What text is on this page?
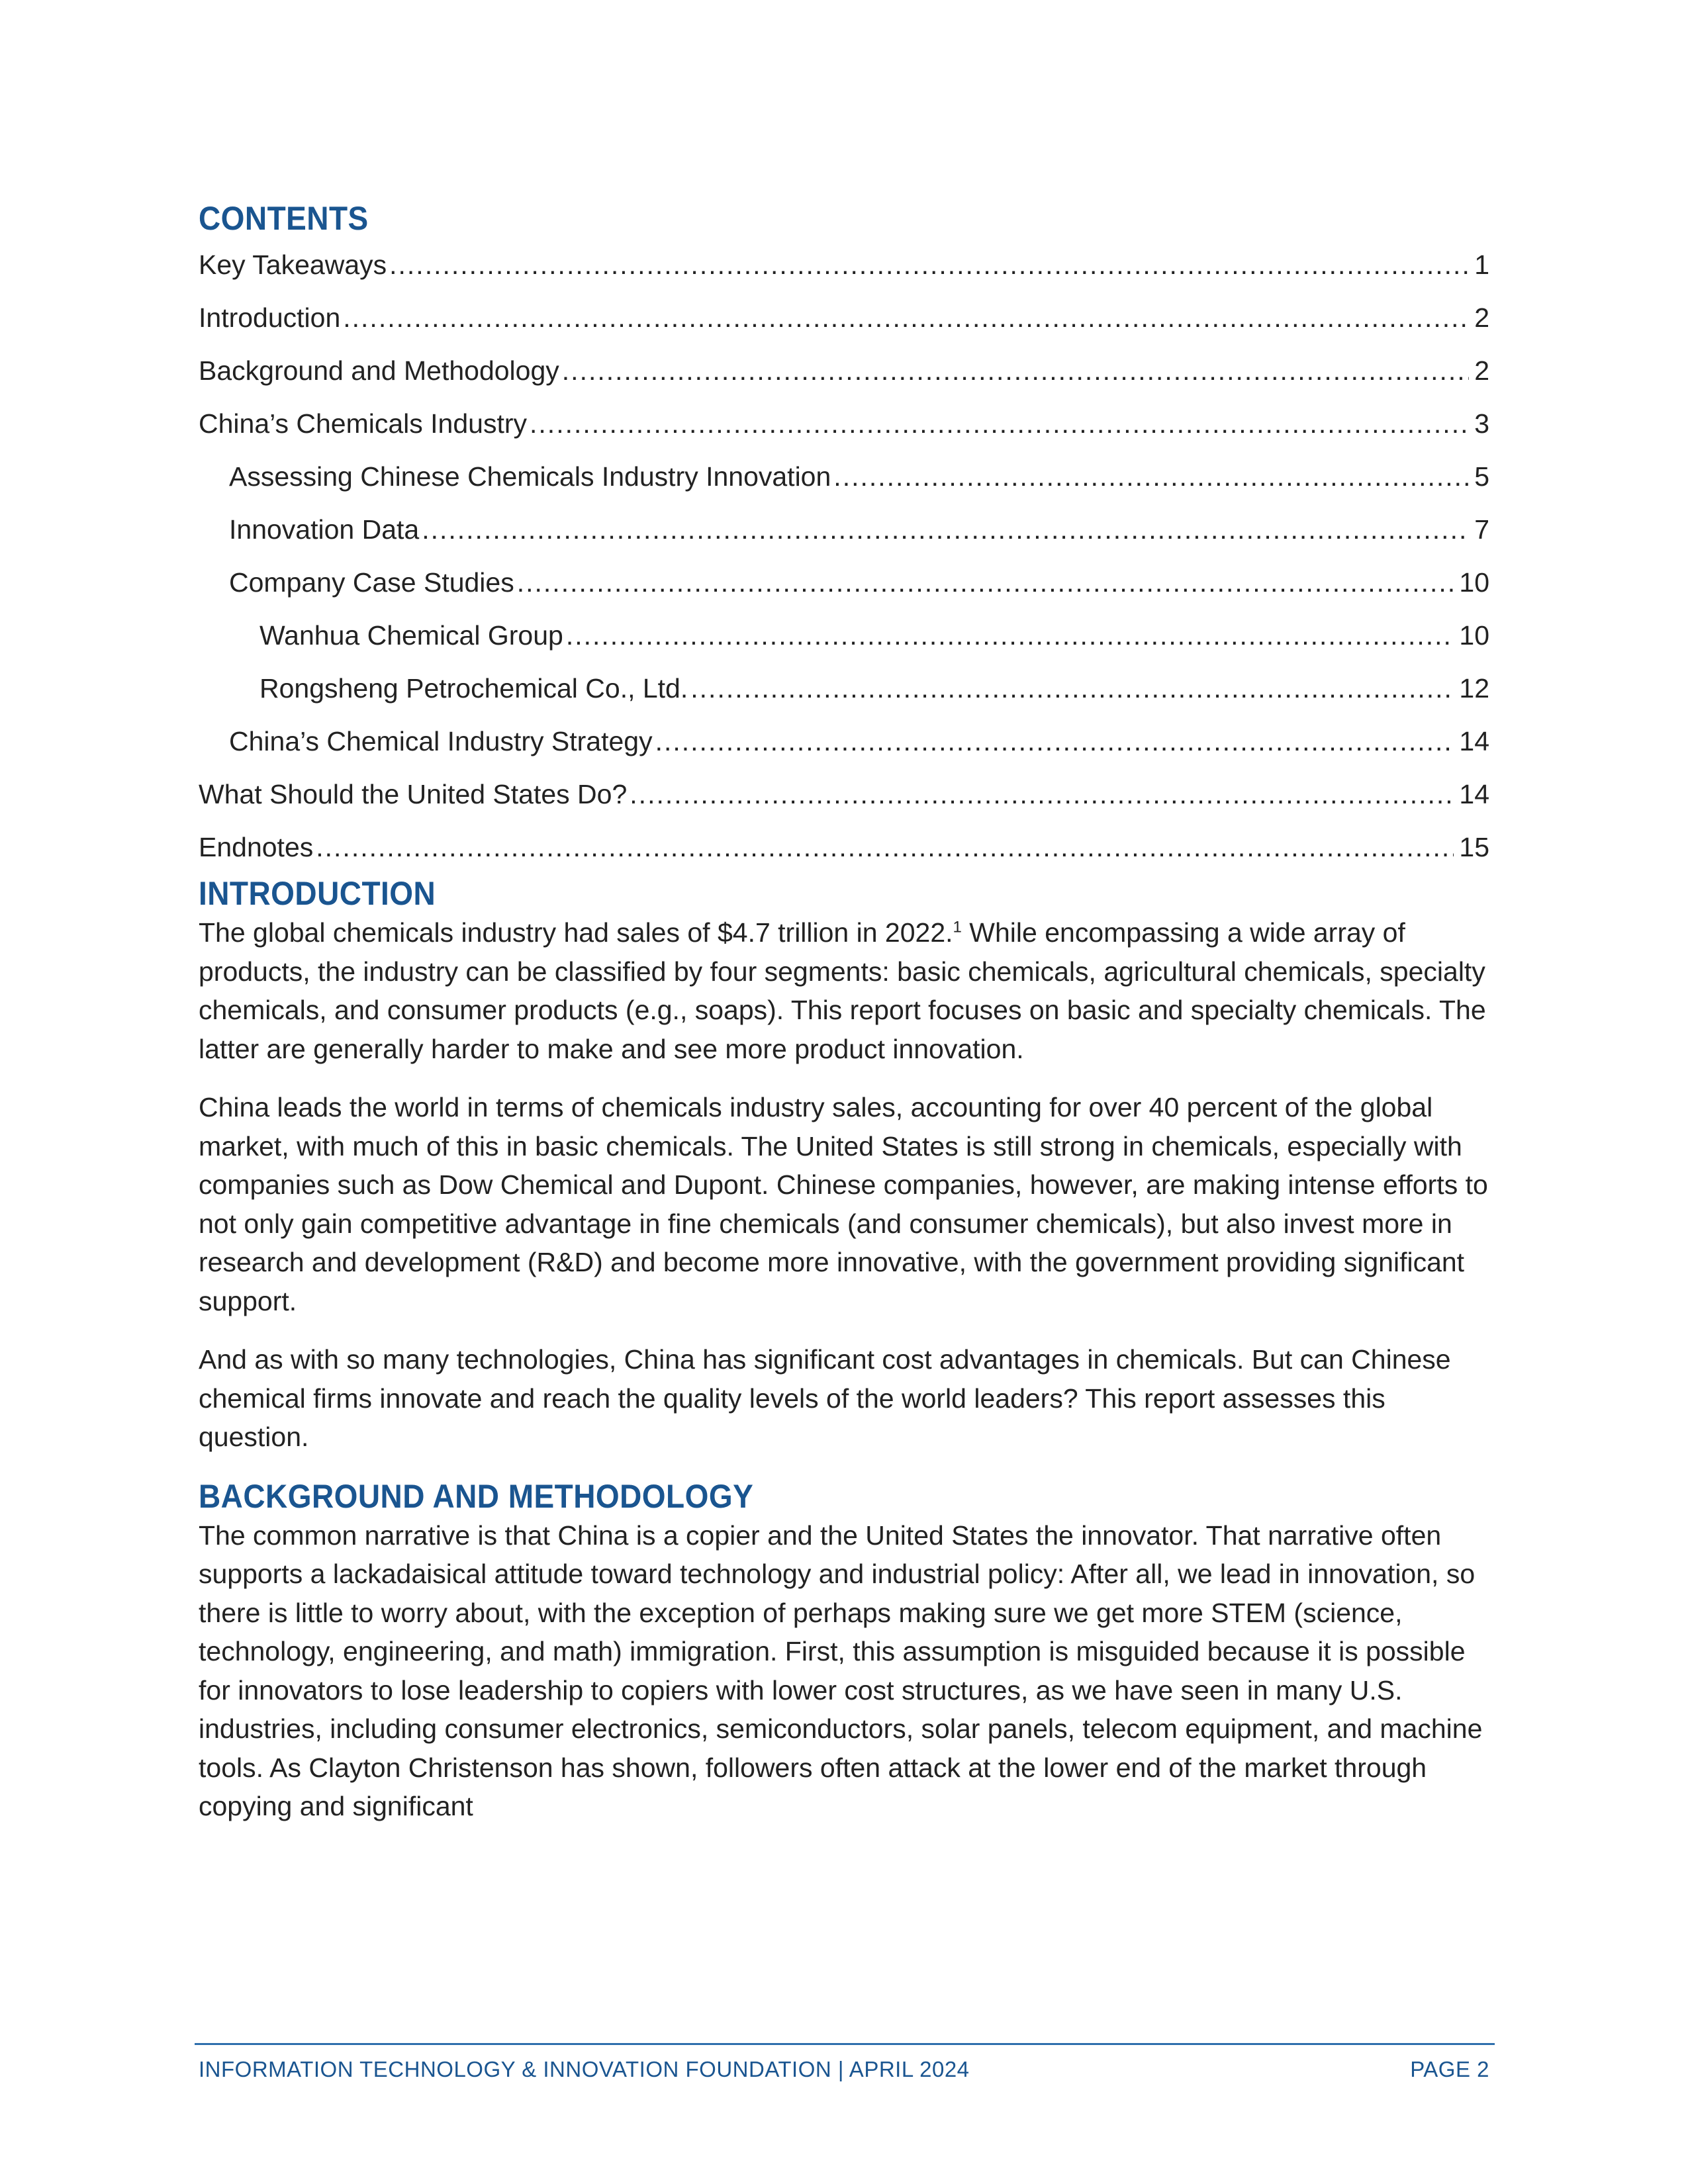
CONTENTS
Key Takeaways .....	1
Introduction .....	2
Background and Methodology .....	2
China’s Chemicals Industry .....	3
Assessing Chinese Chemicals Industry Innovation .....	5
Innovation Data .....	7
Company Case Studies .....	10
Wanhua Chemical Group .....	10
Rongsheng Petrochemical Co., Ltd. .....	12
China’s Chemical Industry Strategy .....	14
What Should the United States Do? .....	14
Endnotes .....	15
INTRODUCTION

The global chemicals industry had sales of $4.7 trillion in 2022.$^1$ While encompassing a wide array of products, the industry can be classified by four segments: basic chemicals, agricultural chemicals, specialty chemicals, and consumer products (e.g., soaps). This report focuses on basic and specialty chemicals. The latter are generally harder to make and see more product innovation.

China leads the world in terms of chemicals industry sales, accounting for over 40 percent of the global market, with much of this in basic chemicals. The United States is still strong in chemicals, especially with companies such as Dow Chemical and Dupont. Chinese companies, however, are making intense efforts to not only gain competitive advantage in fine chemicals (and consumer chemicals), but also invest more in research and development (R&D) and become more innovative, with the government providing significant support.

And as with so many technologies, China has significant cost advantages in chemicals. But can Chinese chemical firms innovate and reach the quality levels of the world leaders? This report assesses this question.

BACKGROUND AND METHODOLOGY

The common narrative is that China is a copier and the United States the innovator. That narrative often supports a lackadaisical attitude toward technology and industrial policy: After all, we lead in innovation, so there is little to worry about, with the exception of perhaps making sure we get more STEM (science, technology, engineering, and math) immigration. First, this assumption is misguided because it is possible for innovators to lose leadership to copiers with lower cost structures, as we have seen in many U.S. industries, including consumer electronics, semiconductors, solar panels, telecom equipment, and machine tools. As Clayton Christenson has shown, followers often attack at the lower end of the market through copying and significant

INFORMATION TECHNOLOGY & INNOVATION FOUNDATION | APRIL 2024	PAGE 2
